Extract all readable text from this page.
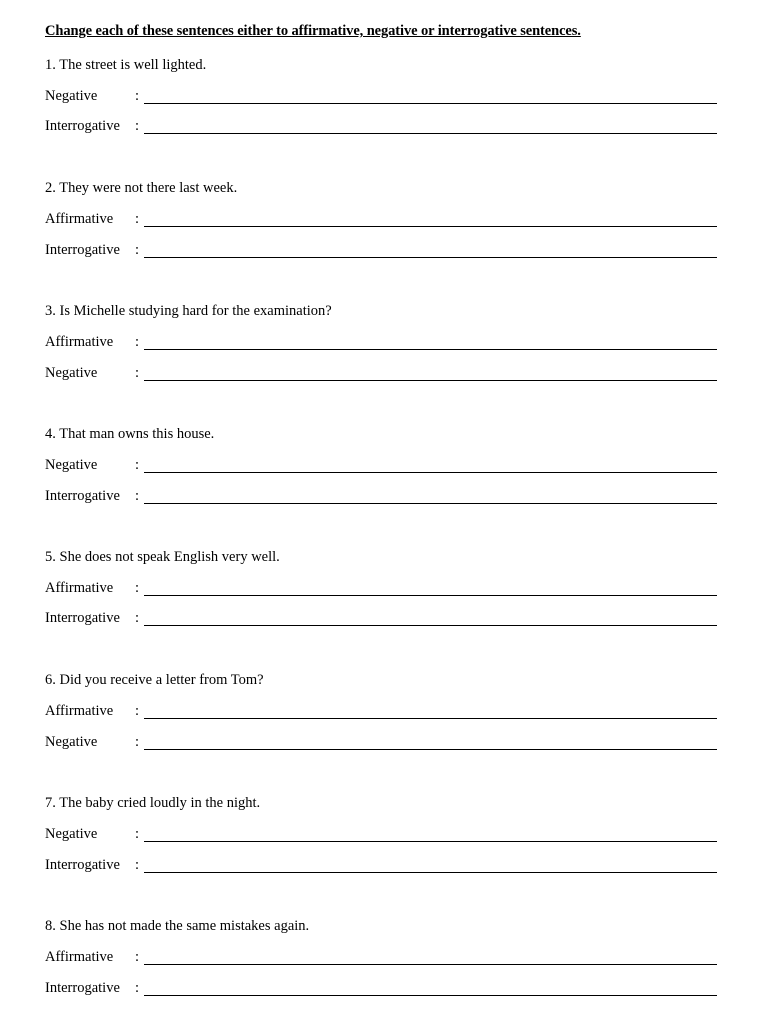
Change each of these sentences either to affirmative, negative or interrogative sentences.
1. The street is well lighted.
Negative	:
Interrogative :
2. They were not there last week.
Affirmative :
Interrogative :
3. Is Michelle studying hard for the examination?
Affirmative :
Negative	:
4. That man owns this house.
Negative	:
Interrogative :
5. She does not speak English very well.
Affirmative :
Interrogative :
6. Did you receive a letter from Tom?
Affirmative :
Negative	:
7. The baby cried loudly in the night.
Negative	:
Interrogative :
8. She has not made the same mistakes again.
Affirmative :
Interrogative :
